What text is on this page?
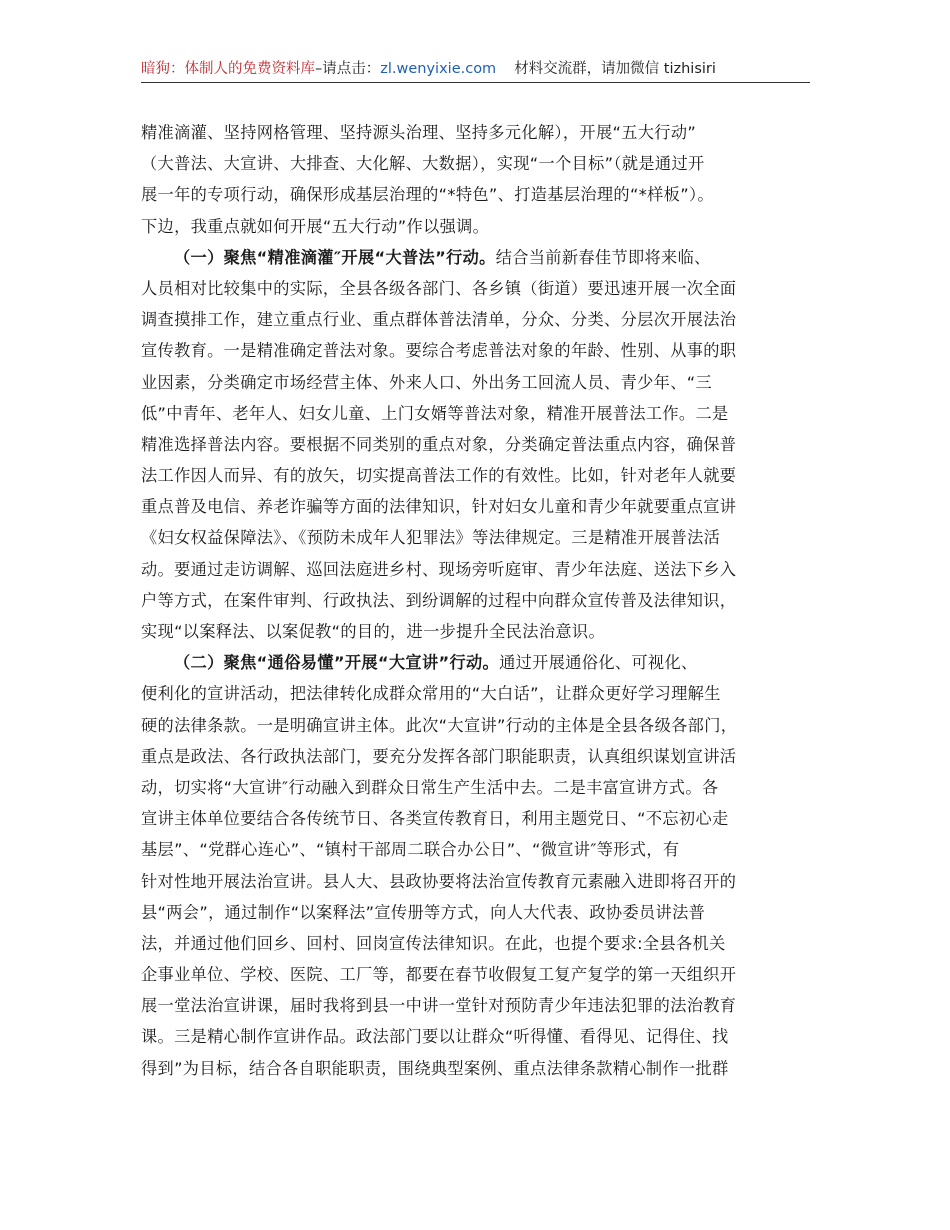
暗狗：体制人的免费资料库–请点击：zl.wenyixie.com 材料交流群，请加微信 tizhisiri
精准滴灌、坚持网格管理、坚持源头治理、坚持多元化解），开展“五大行动”
（大普法、大宣讲、大排查、大化解、大数据），实现“一个目标”（就是通过开
展一年的专项行动，确保形成基层治理的“*特色”、打造基层治理的“*样板”）。
下边，我重点就如何开展“五大行动”作以强调。
（一）聚焦“精准滴灌″开展“大普法”行动。结合当前新春佳节即将来临、
人员相对比较集中的实际，全县各级各部门、各乡镇（街道）要迅速开展一次全面
调查摸排工作，建立重点行业、重点群体普法清单，分众、分类、分层次开展法治
宣传教育。一是精准确定普法对象。要综合考虑普法对象的年龄、性别、从事的职
业因素，分类确定市场经营主体、外来人口、外出务工回流人员、青少年、“三
低”中青年、老年人、妇女儿童、上门女婿等普法对象，精准开展普法工作。二是
精准选择普法内容。要根据不同类别的重点对象，分类确定普法重点内容，确保普
法工作因人而异、有的放矢，切实提高普法工作的有效性。比如，针对老年人就要
重点普及电信、养老诈骗等方面的法律知识，针对妇女儿童和青少年就要重点宣讲
《妇女权益保障法》、《预防未成年人犯罪法》等法律规定。三是精准开展普法活
动。要通过走访调解、巡回法庭进乡村、现场旁听庭审、青少年法庭、送法下乡入
户等方式，在案件审判、行政执法、到纷调解的过程中向群众宣传普及法律知识，
实现“以案释法、以案促教“的目的，进一步提升全民法治意识。
（二）聚焦“通俗易懂”开展“大宣讲”行动。通过开展通俗化、可视化、
便利化的宣讲活动，把法律转化成群众常用的“大白话”，让群众更好学习理解生
硬的法律条款。一是明确宣讲主体。此次“大宣讲”行动的主体是全县各级各部门，
重点是政法、各行政执法部门，要充分发挥各部门职能职责，认真组织谋划宣讲活
动，切实将“大宣讲″行动融入到群众日常生产生活中去。二是丰富宣讲方式。各
宣讲主体单位要结合各传统节日、各类宣传教育日，利用主题党日、“不忘初心走
基层”、“党群心连心”、“镇村干部周二联合办公日”、“微宣讲″等形式，有
针对性地开展法治宣讲。县人大、县政协要将法治宣传教育元素融入进即将召开的
县“两会”，通过制作“以案释法”宣传册等方式，向人大代表、政协委员讲法普
法，并通过他们回乡、回村、回岗宣传法律知识。在此，也提个要求:全县各机关
企事业单位、学校、医院、工厂等，都要在春节收假复工复产复学的第一天组织开
展一堂法治宣讲课，届时我将到县一中讲一堂针对预防青少年违法犯罪的法治教育
课。三是精心制作宣讲作品。政法部门要以让群众“听得懂、看得见、记得住、找
得到”为目标，结合各自职能职责，围绕典型案例、重点法律条款精心制作一批群
